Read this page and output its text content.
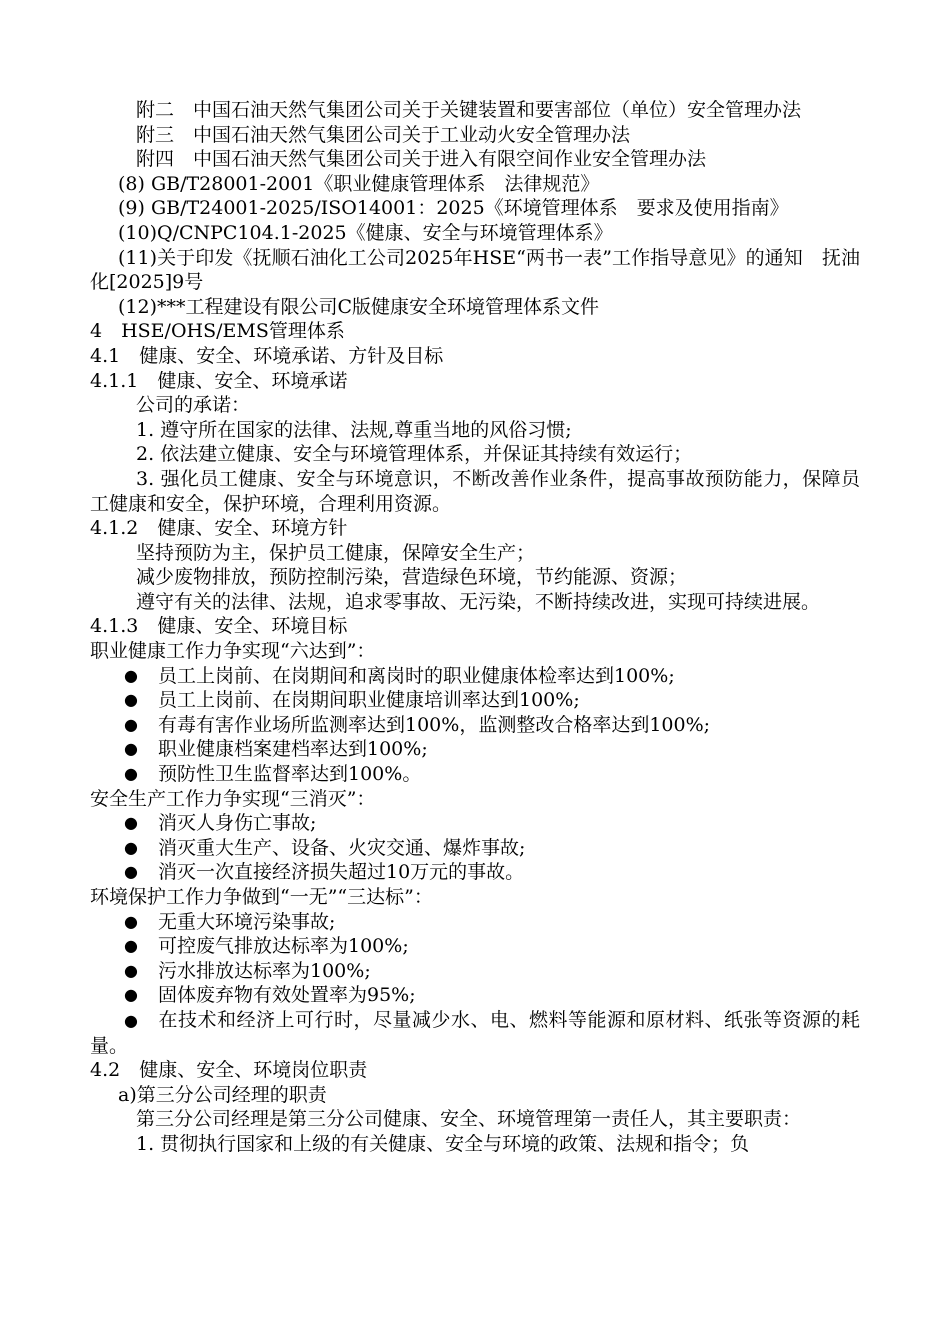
附二　中国石油天然气集团公司关于关键装置和要害部位（单位）安全管理办法

附三　中国石油天然气集团公司关于工业动火安全管理办法

附四　中国石油天然气集团公司关于进入有限空间作业安全管理办法

(8) GB/T28001-2001《职业健康管理体系　法律规范》

(9) GB/T24001-2025/ISO14001：2025《环境管理体系　要求及使用指南》

(10)Q/CNPC104.1-2025《健康、安全与环境管理体系》

(11)关于印发《抚顺石油化工公司2025年HSE“两书一表”工作指导意见》的通知　抚油化[2025]9号

(12)***工程建设有限公司C版健康安全环境管理体系文件

4　HSE/OHS/EMS管理体系

4.1　健康、安全、环境承诺、方针及目标

4.1.1　健康、安全、环境承诺

公司的承诺：

1. 遵守所在国家的法律、法规,尊重当地的风俗习惯;

2. 依法建立健康、安全与环境管理体系，并保证其持续有效运行；

3. 强化员工健康、安全与环境意识，不断改善作业条件，提高事故预防能力，保障员工健康和安全，保护环境，合理利用资源。

4.1.2　健康、安全、环境方针

坚持预防为主，保护员工健康，保障安全生产；

减少废物排放，预防控制污染，营造绿色环境，节约能源、资源；

遵守有关的法律、法规，追求零事故、无污染，不断持续改进，实现可持续进展。

4.1.3　健康、安全、环境目标

职业健康工作力争实现“六达到”：

● 员工上岗前、在岗期间和离岗时的职业健康体检率达到100%;
● 员工上岗前、在岗期间职业健康培训率达到100%;
● 有毒有害作业场所监测率达到100%，监测整改合格率达到100%;
● 职业健康档案建档率达到100%;
● 预防性卫生监督率达到100%。

安全生产工作力争实现“三消灭”：

● 消灭人身伤亡事故;
● 消灭重大生产、设备、火灾交通、爆炸事故;
● 消灭一次直接经济损失超过10万元的事故。

环境保护工作力争做到“一无”“三达标”：

● 无重大环境污染事故;
● 可控废气排放达标率为100%;
● 污水排放达标率为100%;
● 固体废弃物有效处置率为95%;
● 在技术和经济上可行时，尽量减少水、电、燃料等能源和原材料、纸张等资源的耗量。

4.2　健康、安全、环境岗位职责

a)第三分公司经理的职责

第三分公司经理是第三分公司健康、安全、环境管理第一责任人，其主要职责：

1. 贯彻执行国家和上级的有关健康、安全与环境的政策、法规和指令；负
